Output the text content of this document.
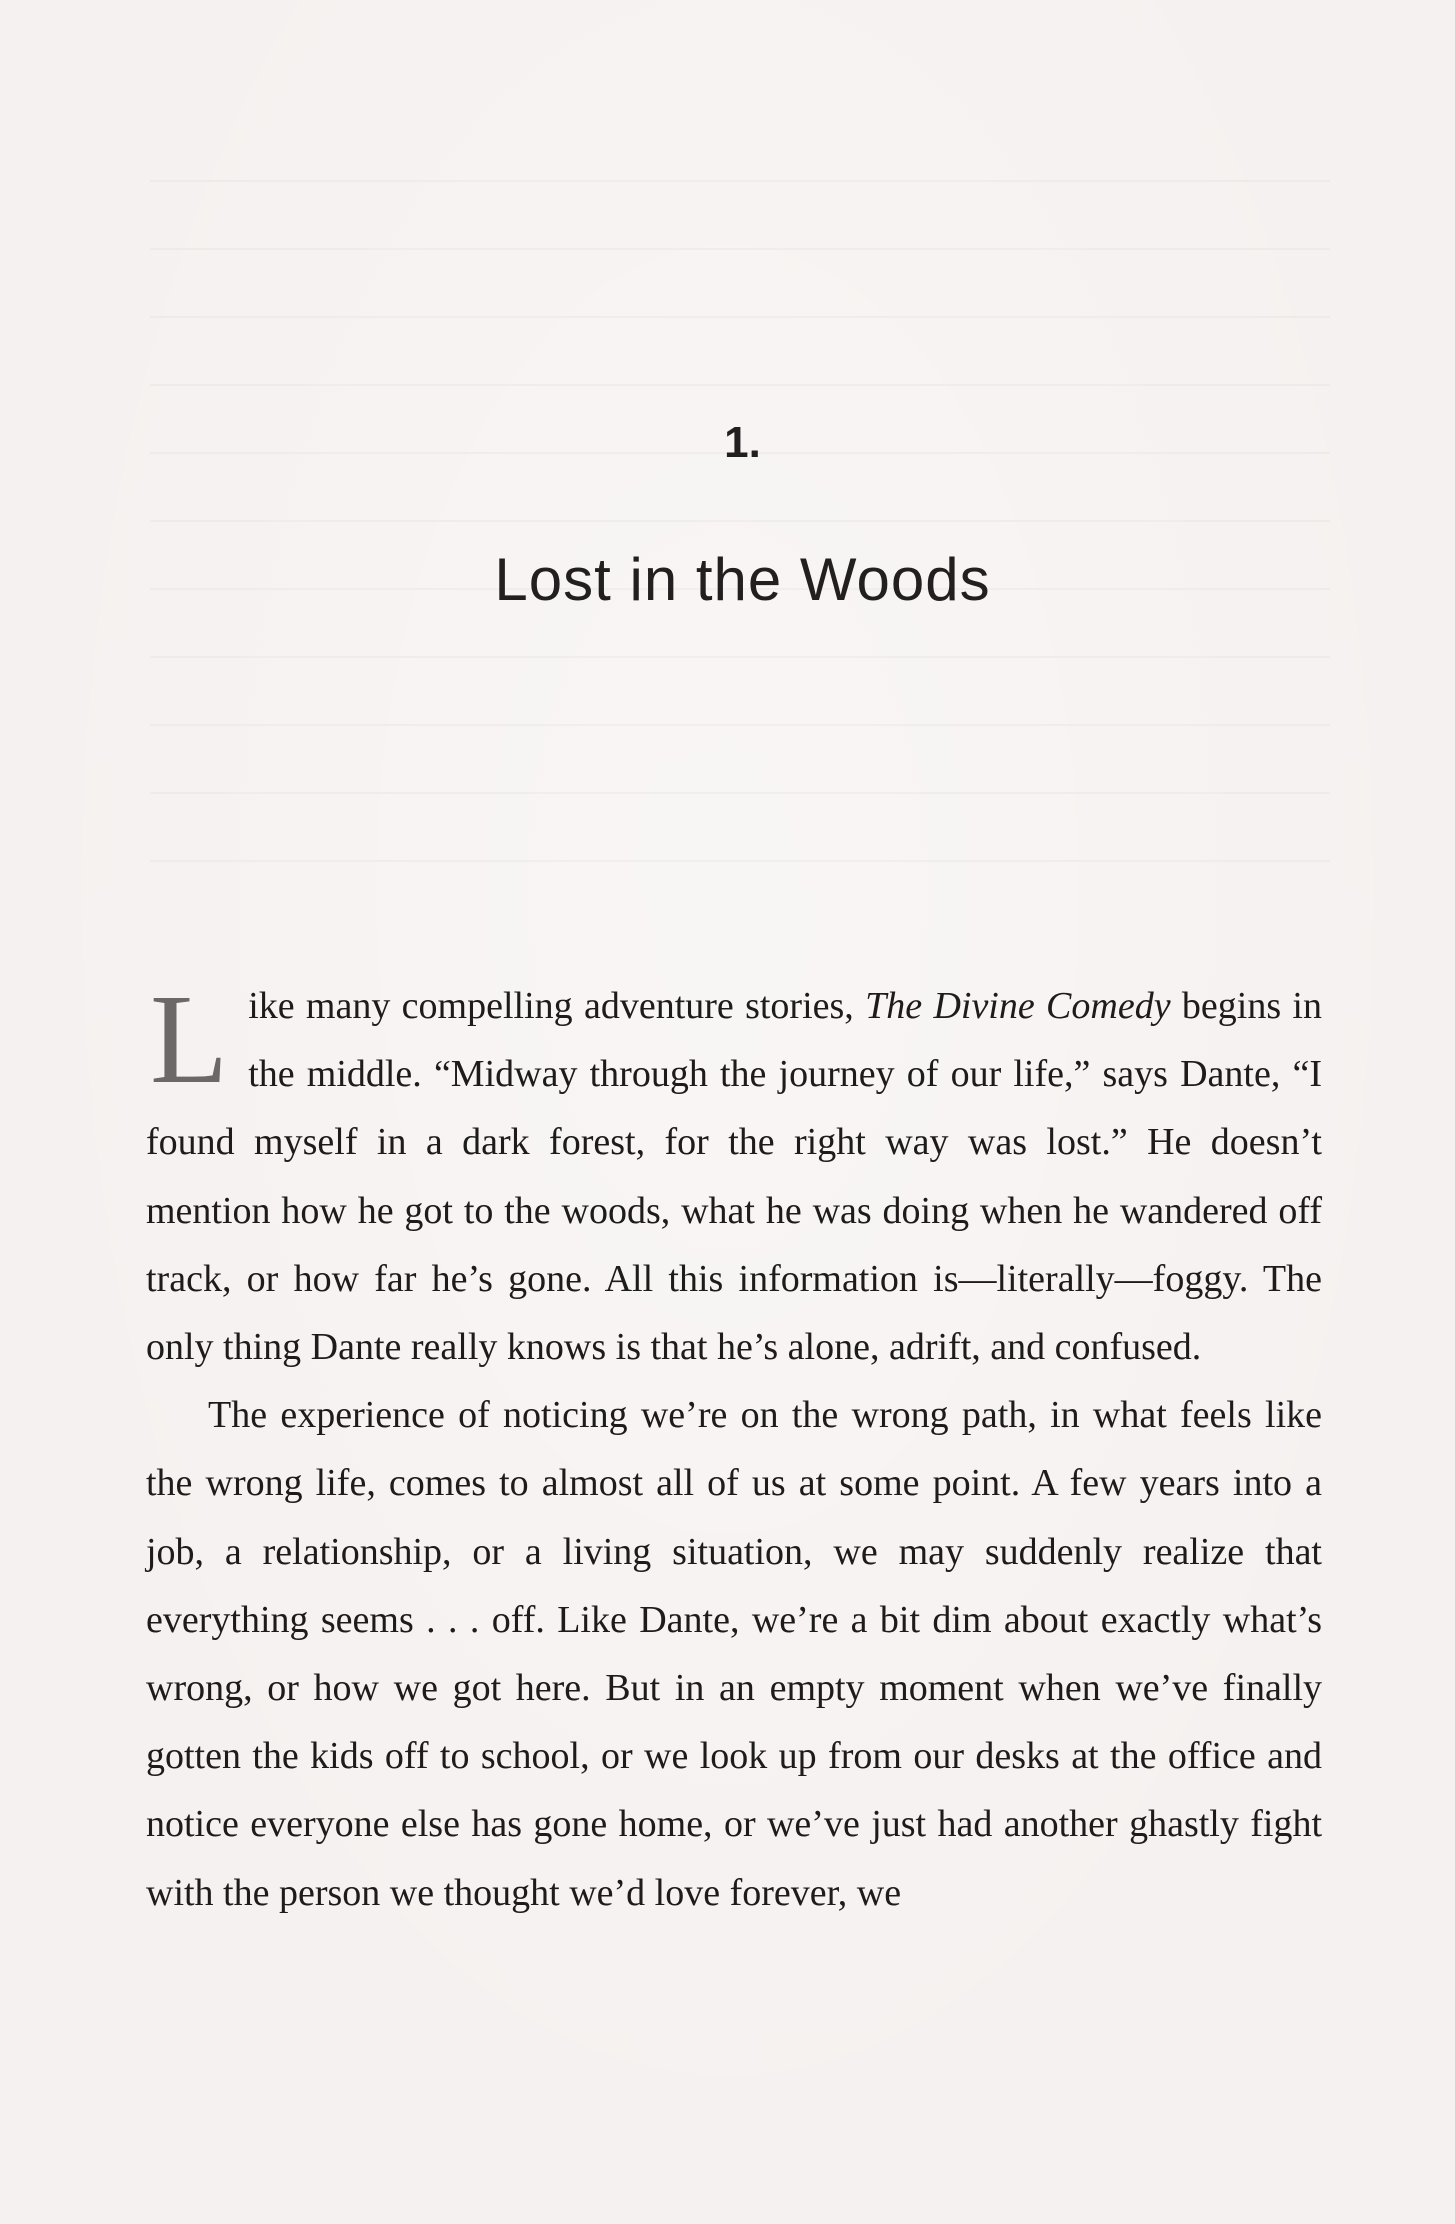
1.
Lost in the Woods

Like many compelling adventure stories, The Divine Comedy begins in the middle. “Midway through the journey of our life,” says Dante, “I found myself in a dark forest, for the right way was lost.” He doesn’t mention how he got to the woods, what he was doing when he wandered off track, or how far he’s gone. All this information is—literally—foggy. The only thing Dante really knows is that he’s alone, adrift, and confused.

The experience of noticing we’re on the wrong path, in what feels like the wrong life, comes to almost all of us at some point. A few years into a job, a relationship, or a living situation, we may suddenly realize that everything seems . . . off. Like Dante, we’re a bit dim about exactly what’s wrong, or how we got here. But in an empty moment when we’ve finally gotten the kids off to school, or we look up from our desks at the office and notice everyone else has gone home, or we’ve just had another ghastly fight with the person we thought we’d love forever, we
